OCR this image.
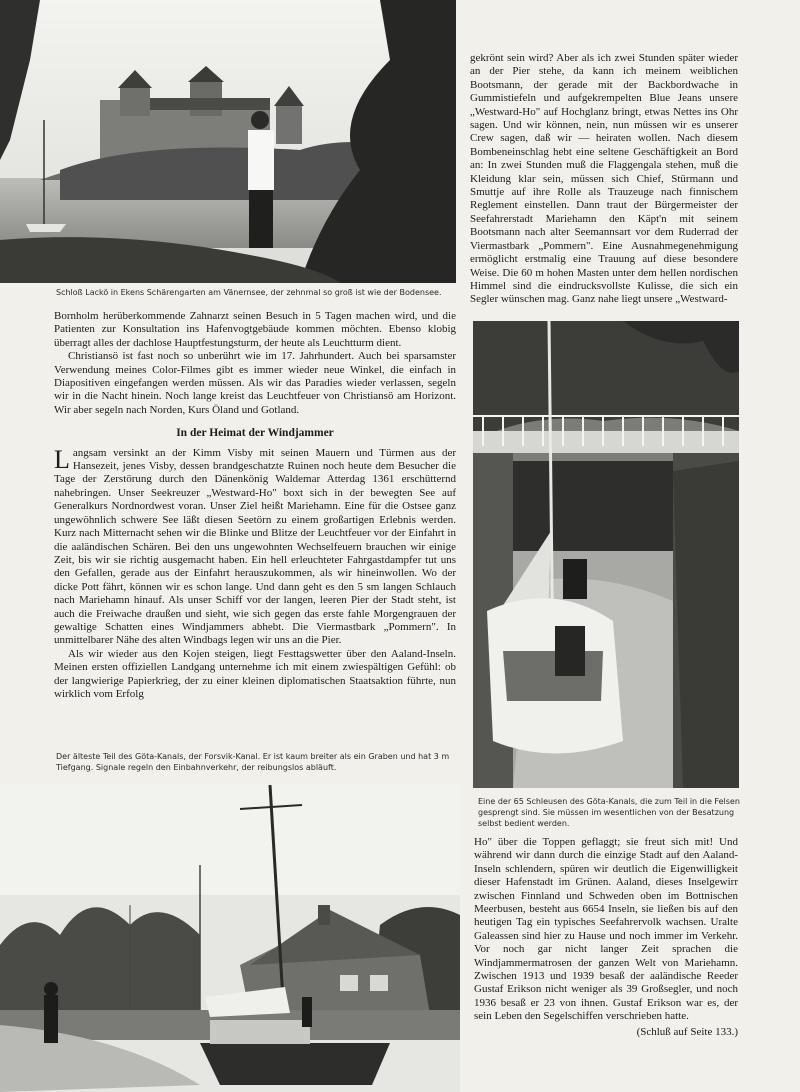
Schloß Lackö in Ekens Schärengarten am Vänernsee, der zehnmal so groß ist wie der Bodensee.

Bornholm herüberkommende Zahnarzt seinen Besuch in 5 Tagen machen wird, und die Patienten zur Konsultation ins Hafenvogtgebäude kommen möchten. Ebenso klobig überragt alles der dachlose Hauptfestungsturm, der heute als Leuchtturm dient.

Christiansö ist fast noch so unberührt wie im 17. Jahrhundert. Auch bei sparsamster Verwendung meines Color-Filmes gibt es immer wieder neue Winkel, die einfach in Diapositiven eingefangen werden müssen. Als wir das Paradies wieder verlassen, segeln wir in die Nacht hinein. Noch lange kreist das Leuchtfeuer von Christiansö am Horizont. Wir aber segeln nach Norden, Kurs Öland und Gotland.

In der Heimat der Windjammer

Langsam versinkt an der Kimm Visby mit seinen Mauern und Türmen aus der Hansezeit, jenes Visby, dessen brandgeschatzte Ruinen noch heute dem Besucher die Tage der Zerstörung durch den Dänenkönig Waldemar Atterdag 1361 erschütternd nahebringen. Unser Seekreuzer „Westward-Ho" boxt sich in der bewegten See auf Generalkurs Nordnordwest voran. Unser Ziel heißt Mariehamn. Eine für die Ostsee ganz ungewöhnlich schwere See läßt diesen Seetörn zu einem großartigen Erlebnis werden. Kurz nach Mitternacht sehen wir die Blinke und Blitze der Leuchtfeuer vor der Einfahrt in die aaländischen Schären. Bei den uns ungewohnten Wechselfeuern brauchen wir einige Zeit, bis wir sie richtig ausgemacht haben. Ein hell erleuchteter Fahrgastdampfer tut uns den Gefallen, gerade aus der Einfahrt herauszukommen, als wir hineinwollen. Wo der dicke Pott fährt, können wir es schon lange. Und dann geht es den 5 sm langen Schlauch nach Mariehamn hinauf. Als unser Schiff vor der langen, leeren Pier der Stadt steht, ist auch die Freiwache draußen und sieht, wie sich gegen das erste fahle Morgengrauen der gewaltige Schatten eines Windjammers abhebt. Die Viermastbark „Pommern". In unmittelbarer Nähe des alten Windbags legen wir uns an die Pier.

Als wir wieder aus den Kojen steigen, liegt Festtagswetter über den Aaland-Inseln. Meinen ersten offiziellen Landgang unternehme ich mit einem zwiespältigen Gefühl: ob der langwierige Papierkrieg, der zu einer kleinen diplomatischen Staatsaktion führte, nun wirklich vom Erfolg

Der älteste Teil des Göta-Kanals, der Forsvik-Kanal. Er ist kaum breiter als ein Graben und hat 3 m Tiefgang. Signale regeln den Einbahnverkehr, der reibungslos abläuft.

gekrönt sein wird? Aber als ich zwei Stunden später wieder an der Pier stehe, da kann ich meinem weiblichen Bootsmann, der gerade mit der Backbordwache in Gummistiefeln und aufgekrempelten Blue Jeans unsere „Westward-Ho" auf Hochglanz bringt, etwas Nettes ins Ohr sagen. Und wir können, nein, nun müssen wir es unserer Crew sagen, daß wir — heiraten wollen. Nach diesem Bombeneinschlag hebt eine seltene Geschäftigkeit an Bord an: In zwei Stunden muß die Flaggengala stehen, muß die Kleidung klar sein, müssen sich Chief, Stürmann und Smuttje auf ihre Rolle als Trauzeuge nach finnischem Reglement einstellen. Dann traut der Bürgermeister der Seefahrerstadt Mariehamn den Käpt'n mit seinem Bootsmann nach alter Seemannsart vor dem Ruderrad der Viermastbark „Pommern". Eine Ausnahmegenehmigung ermöglicht erstmalig eine Trauung auf diese besondere Weise. Die 60 m hohen Masten unter dem hellen nordischen Himmel sind die eindrucksvollste Kulisse, die sich ein Segler wünschen mag. Ganz nahe liegt unsere „Westward-

Eine der 65 Schleusen des Göta-Kanals, die zum Teil in die Felsen gesprengt sind. Sie müssen im wesentlichen von der Besatzung selbst bedient werden.

Ho" über die Toppen geflaggt; sie freut sich mit! Und während wir dann durch die einzige Stadt auf den Aaland-Inseln schlendern, spüren wir deutlich die Eigenwilligkeit dieser Hafenstadt im Grünen. Aaland, dieses Inselgewirr zwischen Finnland und Schweden oben im Bottnischen Meerbusen, besteht aus 6654 Inseln, sie ließen bis auf den heutigen Tag ein typisches Seefahrervolk wachsen. Uralte Galeassen sind hier zu Hause und noch immer im Verkehr. Vor noch gar nicht langer Zeit sprachen die Windjammermatrosen der ganzen Welt von Mariehamn. Zwischen 1913 und 1939 besaß der aaländische Reeder Gustaf Erikson nicht weniger als 39 Großsegler, und noch 1936 besaß er 23 von ihnen. Gustaf Erikson war es, der sein Leben den Segelschiffen verschrieben hatte.

(Schluß auf Seite 133.)
